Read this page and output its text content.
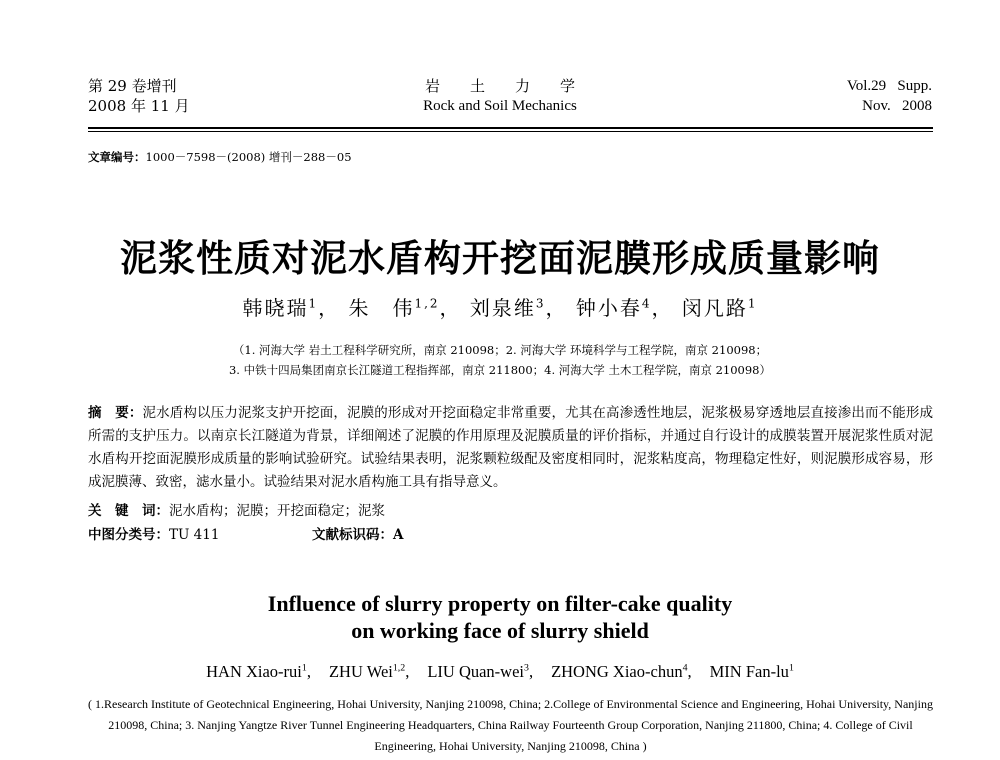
第 29 卷增刊
2008 年 11 月
岩　　土　　力　　学
Rock and Soil Mechanics
Vol.29   Supp.
Nov.   2008
文章编号：1000－7598－(2008) 增刊－288－05
泥浆性质对泥水盾构开挖面泥膜形成质量影响
韩晓瑞$^1$， 朱　伟$^{1,2}$， 刘泉维$^3$， 钟小春$^4$， 闵凡路$^1$
（1. 河海大学 岩土工程科学研究所，南京 210098；2. 河海大学 环境科学与工程学院，南京 210098；
3. 中铁十四局集团南京长江隧道工程指挥部，南京 211800；4. 河海大学 土木工程学院，南京 210098）
摘　要：泥水盾构以压力泥浆支护开挖面，泥膜的形成对开挖面稳定非常重要，尤其在高渗透性地层，泥浆极易穿透地层直接渗出而不能形成所需的支护压力。以南京长江隧道为背景，详细阐述了泥膜的作用原理及泥膜质量的评价指标，并通过自行设计的成膜装置开展泥浆性质对泥水盾构开挖面泥膜形成质量的影响试验研究。试验结果表明，泥浆颗粒级配及密度相同时，泥浆粘度高，物理稳定性好，则泥膜形成容易，形成泥膜薄、致密，滤水量小。试验结果对泥水盾构施工具有指导意义。
关　键　词：泥水盾构；泥膜；开挖面稳定；泥浆
中图分类号：TU 411	文献标识码：A
Influence of slurry property on filter-cake quality
on working face of slurry shield
HAN Xiao-rui$^1$, ZHU Wei$^{1,2}$, LIU Quan-wei$^3$, ZHONG Xiao-chun$^4$, MIN Fan-$lu^1$
( 1.Research Institute of Geotechnical Engineering, Hohai University, Nanjing 210098, China; 2.College of Environmental Science and Engineering, Hohai University, Nanjing 210098, China; 3. Nanjing Yangtze River Tunnel Engineering Headquarters, China Railway Fourteenth Group Corporation, Nanjing 211800, China; 4. College of Civil Engineering, Hohai University, Nanjing 210098, China )
